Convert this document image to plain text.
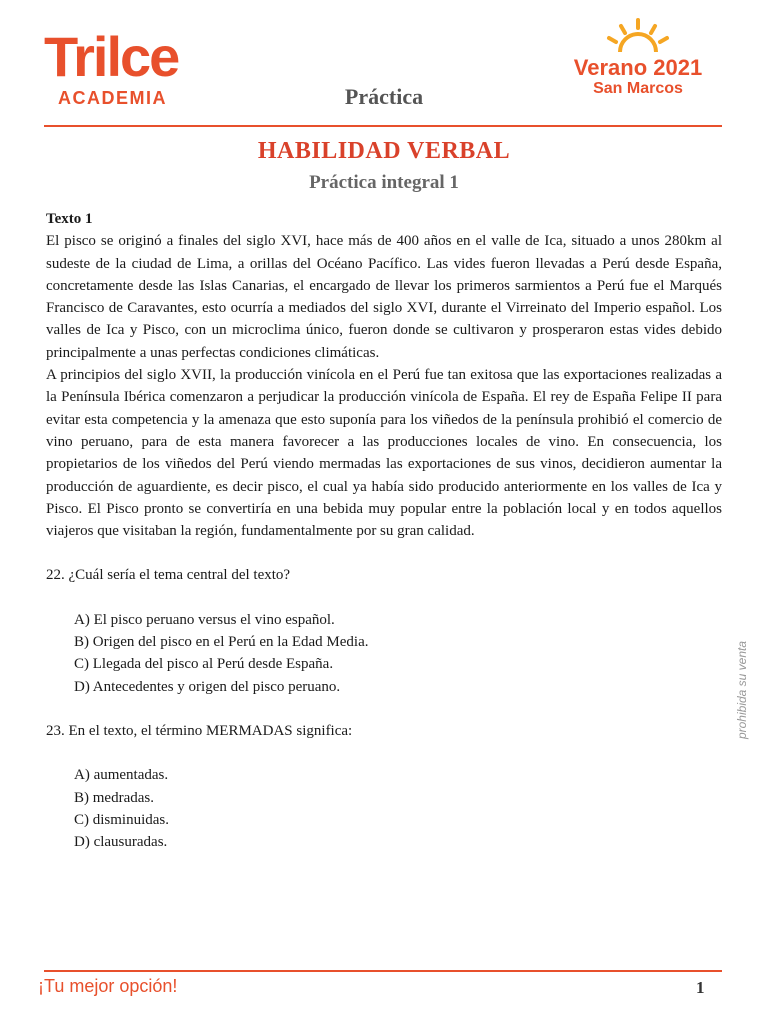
Trilce
ACADEMIA	Práctica
Verano 2021
San Marcos
HABILIDAD VERBAL
Práctica integral 1
Texto 1

El pisco se originó a finales del siglo XVI, hace más de 400 años en el valle de Ica, situado a unos 280km al sudeste de la ciudad de Lima, a orillas del Océano Pacífico. Las vides fueron llevadas a Perú desde España, concretamente desde las Islas Canarias, el encargado de llevar los primeros sarmientos a Perú fue el Marqués Francisco de Caravantes, esto ocurría a mediados del siglo XVI, durante el Virreinato del Imperio español. Los valles de Ica y Pisco, con un microclima único, fueron donde se cultivaron y prosperaron estas vides debido principalmente a unas perfectas condiciones climáticas.

A principios del siglo XVII, la producción vinícola en el Perú fue tan exitosa que las exportaciones realizadas a la Península Ibérica comenzaron a perjudicar la producción vinícola de España. El rey de España Felipe II para evitar esta competencia y la amenaza que esto suponía para los viñedos de la península prohibió el comercio de vino peruano, para de esta manera favorecer a las producciones locales de vino. En consecuencia, los propietarios de los viñedos del Perú viendo mermadas las exportaciones de sus vinos, decidieron aumentar la producción de aguardiente, es decir pisco, el cual ya había sido producido anteriormente en los valles de Ica y Pisco. El Pisco pronto se convertiría en una bebida muy popular entre la población local y en todos aquellos viajeros que visitaban la región, fundamentalmente por su gran calidad.

22. ¿Cuál sería el tema central del texto?
A) El pisco peruano versus el vino español.
B) Origen del pisco en el Perú en la Edad Media.
C) Llegada del pisco al Perú desde España.
D) Antecedentes y origen del pisco peruano.
23. En el texto, el término MERMADAS significa:
A) aumentadas.
B) medradas.
C) disminuidas.
D) clausuradas.
prohibida su venta
¡Tu mejor opción!	1
